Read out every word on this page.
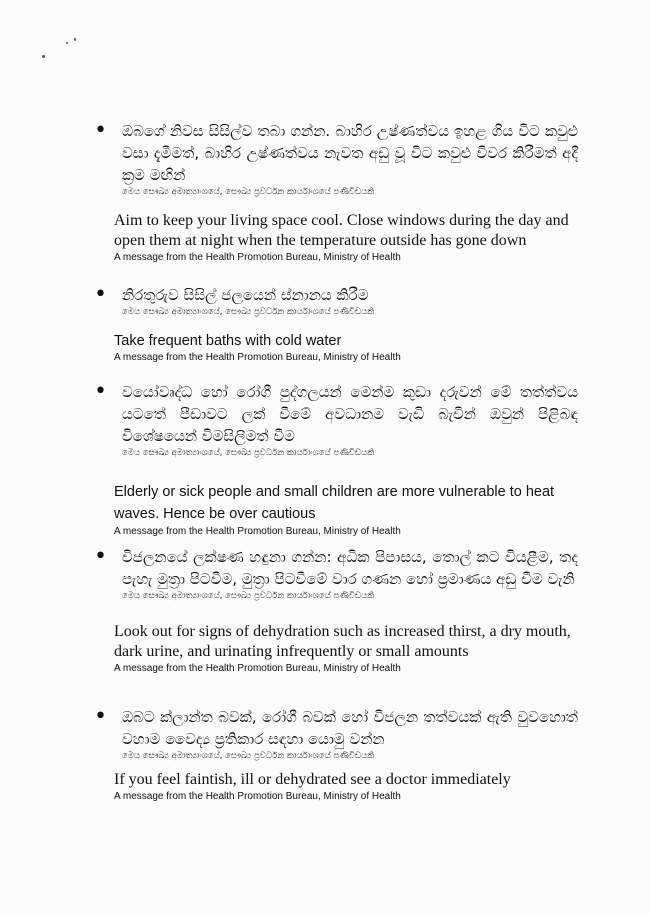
• ඔබගේ නිවස සිසිල්ව තබා ගන්න. බාහිර උෂ්ණත්වය ඉහළ ගිය විට කවුළු වසා දැමීමත්, බාහිර උෂ්ණත්වය නැවත අඩු වූ විට කවුළු විවර කිරීමත් අදී ක්‍රම මඟින්
මෙය සෞඛ්‍ය අමාත්‍යාංශයේ, සෞඛ්‍ය ප්‍රවර්ධන කාර්යාංශයේ පණිවිඩයකි
Aim to keep your living space cool. Close windows during the day and open them at night when the temperature outside has gone down
A message from the Health Promotion Bureau, Ministry of Health
• නිරතුරුව සිසිල් ජලයෙන් ස්නානය කිරීම
මෙය සෞඛ්‍ය අමාත්‍යාංශයේ, සෞඛ්‍ය ප්‍රවර්ධන කාර්යාංශයේ පණිවිඩයකි
Take frequent baths with cold water
A message from the Health Promotion Bureau, Ministry of Health
• වයෝවෘද්ධ හෝ රෝගී පුද්ගලයන් මෙන්ම කුඩා දරුවන් මේ තත්ත්වය යටතේ පීඩාවට ලක් වීමේ අවධානම වැඩි බැවින් ඔවුන් පිළිබඳ විශේෂයෙන් විමසිලිමත් වීම
මෙය සෞඛ්‍ය අමාත්‍යාංශයේ, සෞඛ්‍ය ප්‍රවර්ධන කාර්යාංශයේ පණිවිඩයකි
Elderly or sick people and small children are more vulnerable to heat waves. Hence be over cautious
A message from the Health Promotion Bureau, Ministry of Health
• විජලනයේ ලක්ෂණ හඳුනා ගන්න: අධික පිපාසය, තොල් කට වියළීම, තද පැහැ මුත්‍රා පිටවීම, මුත්‍රා පිටවීමේ වාර ගණන හෝ ප්‍රමාණය අඩු වීම වැනි
මෙය සෞඛ්‍ය අමාත්‍යාංශයේ, සෞඛ්‍ය ප්‍රවර්ධන කාර්යාංශයේ පණිවිඩයකි
Look out for signs of dehydration such as increased thirst, a dry mouth, dark urine, and urinating infrequently or small amounts
A message from the Health Promotion Bureau, Ministry of Health
• ඔබට ක්ලාන්ත බවක්, රෝගී බවක් හෝ විජලන තත්වයක් ඇති වුවහොත් වහාම වෛද්‍ය ප්‍රතිකාර සඳහා යොමු වන්න
මෙය සෞඛ්‍ය අමාත්‍යාංශයේ, සෞඛ්‍ය ප්‍රවර්ධන කාර්යාංශයේ පණිවිඩයකි
If you feel faintish, ill or dehydrated see a doctor immediately
A message from the Health Promotion Bureau, Ministry of Health
